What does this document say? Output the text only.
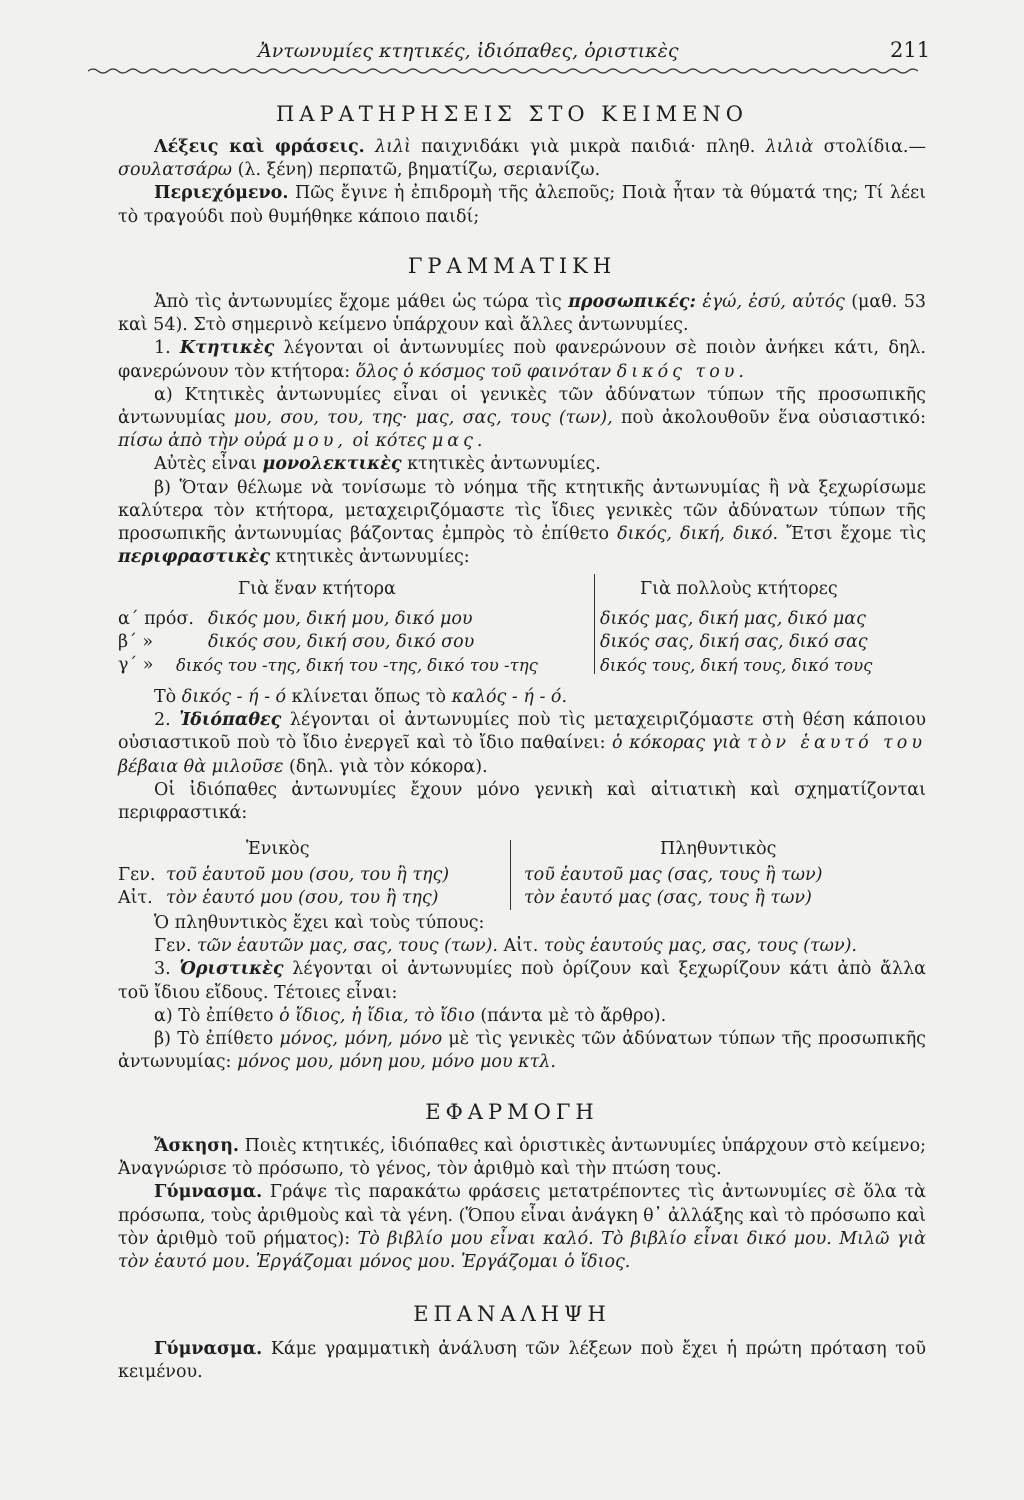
Ἀντωνυμίες κτητικές, ἰδιόπαθες, ὁριστικὲς	211
ΠΑΡΑΤΗΡΗΣΕΙΣ ΣΤΟ ΚΕΙΜΕΝΟ

Λέξεις καὶ φράσεις. λιλὶ παιχνιδάκι γιὰ μικρὰ παιδιά· πληθ. λιλιὰ στολίδια.—σουλατσάρω (λ. ξένη) περπατῶ, βηματίζω, σεριανίζω.

Περιεχόμενο. Πῶς ἔγινε ἡ ἐπιδρομὴ τῆς ἀλεποῦς; Ποιὰ ἦταν τὰ θύματά της; Τί λέει τὸ τραγούδι ποὺ θυμήθηκε κάποιο παιδί;

ΓΡΑΜΜΑΤΙΚΗ

Ἀπὸ τὶς ἀντωνυμίες ἔχομε μάθει ὡς τώρα τὶς προσωπικές: ἐγώ, ἐσύ, αὐτός (μαθ. 53 καὶ 54). Στὸ σημερινὸ κείμενο ὑπάρχουν καὶ ἄλλες ἀντωνυμίες.

1. Κτητικὲς λέγονται οἱ ἀντωνυμίες ποὺ φανερώνουν σὲ ποιὸν ἀνήκει κάτι, δηλ. φανερώνουν τὸν κτήτορα: ὅλος ὁ κόσμος τοῦ φαινόταν δικός του.

α) Κτητικὲς ἀντωνυμίες εἶναι οἱ γενικὲς τῶν ἀδύνατων τύπων τῆς προσωπικῆς ἀντωνυμίας μου, σου, του, της· μας, σας, τους (των), ποὺ ἀκολουθοῦν ἕνα οὐσιαστικό: πίσω ἀπὸ τὴν οὐρά μου, οἱ κότες μας.

Αὐτὲς εἶναι μονολεκτικὲς κτητικὲς ἀντωνυμίες.

β) Ὅταν θέλωμε νὰ τονίσωμε τὸ νόημα τῆς κτητικῆς ἀντωνυμίας ἢ νὰ ξεχωρίσωμε καλύτερα τὸν κτήτορα, μεταχειριζόμαστε τὶς ἴδιες γενικὲς τῶν ἀδύνατων τύπων τῆς προσωπικῆς ἀντωνυμίας βάζοντας ἐμπρὸς τὸ ἐπίθετο δικός, δική, δικό. Ἔτσι ἔχομε τὶς περιφραστικὲς κτητικὲς ἀντωνυμίες:

Γιὰ ἕναν κτήτορα	Γιὰ πολλοὺς κτήτορες
α΄ πρόσ. δικός μου, δική μου, δικό μου	δικός μας, δική μας, δικό μας
β΄ »	δικός σου, δική σου, δικό σου	δικός σας, δική σας, δικό σας
γ΄ » δικός του -της, δική του -της, δικό του -της	δικός τους, δική τους, δικό τους

Τὸ δικός - ή - ό κλίνεται ὅπως τὸ καλός - ή - ό.

2. Ἰδιόπαθες λέγονται οἱ ἀντωνυμίες ποὺ τὶς μεταχειριζόμαστε στὴ θέση κάποιου οὐσιαστικοῦ ποὺ τὸ ἴδιο ἐνεργεῖ καὶ τὸ ἴδιο παθαίνει: ὁ κόκορας γιὰ τὸν ἑαυτό του βέβαια θὰ μιλοῦσε (δηλ. γιὰ τὸν κόκορα).

Οἱ ἰδιόπαθες ἀντωνυμίες ἔχουν μόνο γενικὴ καὶ αἰτιατικὴ καὶ σχηματίζονται περιφραστικά:

Ἑνικὸς	Πληθυντικὸς
Γεν. τοῦ ἑαυτοῦ μου (σου, του ἢ της)	τοῦ ἑαυτοῦ μας (σας, τους ἢ των)
Αἰτ. τὸν ἑαυτό μου (σου, του ἢ της)	τὸν ἑαυτό μας (σας, τους ἢ των)

Ὁ πληθυντικὸς ἔχει καὶ τοὺς τύπους:

Γεν. τῶν ἑαυτῶν μας, σας, τους (των). Αἰτ. τοὺς ἑαυτούς μας, σας, τους (των).

3. Ὁριστικὲς λέγονται οἱ ἀντωνυμίες ποὺ ὁρίζουν καὶ ξεχωρίζουν κάτι ἀπὸ ἄλλα τοῦ ἴδιου εἴδους. Τέτοιες εἶναι:

α) Τὸ ἐπίθετο ὁ ἴδιος, ἡ ἴδια, τὸ ἴδιο (πάντα μὲ τὸ ἄρθρο).

β) Τὸ ἐπίθετο μόνος, μόνη, μόνο μὲ τὶς γενικὲς τῶν ἀδύνατων τύπων τῆς προσωπικῆς ἀντωνυμίας: μόνος μου, μόνη μου, μόνο μου κτλ.

ΕΦΑΡΜΟΓΗ

Ἄσκηση. Ποιὲς κτητικές, ἰδιόπαθες καὶ ὁριστικὲς ἀντωνυμίες ὑπάρχουν στὸ κείμενο; Ἀναγνώρισε τὸ πρόσωπο, τὸ γένος, τὸν ἀριθμὸ καὶ τὴν πτώση τους.

Γύμνασμα. Γράψε τὶς παρακάτω φράσεις μετατρέποντες τὶς ἀντωνυμίες σὲ ὅλα τὰ πρόσωπα, τοὺς ἀριθμοὺς καὶ τὰ γένη. (Ὅπου εἶναι ἀνάγκη θ᾿ ἀλλάξης καὶ τὸ πρόσωπο καὶ τὸν ἀριθμὸ τοῦ ρήματος): Τὸ βιβλίο μου εἶναι καλό. Τὸ βιβλίο εἶναι δικό μου. Μιλῶ γιὰ τὸν ἑαυτό μου. Ἐργάζομαι μόνος μου. Ἐργάζομαι ὁ ἴδιος.

ΕΠΑΝΑΛΗΨΗ

Γύμνασμα. Κάμε γραμματικὴ ἀνάλυση τῶν λέξεων ποὺ ἔχει ἡ πρώτη πρόταση τοῦ κειμένου.
